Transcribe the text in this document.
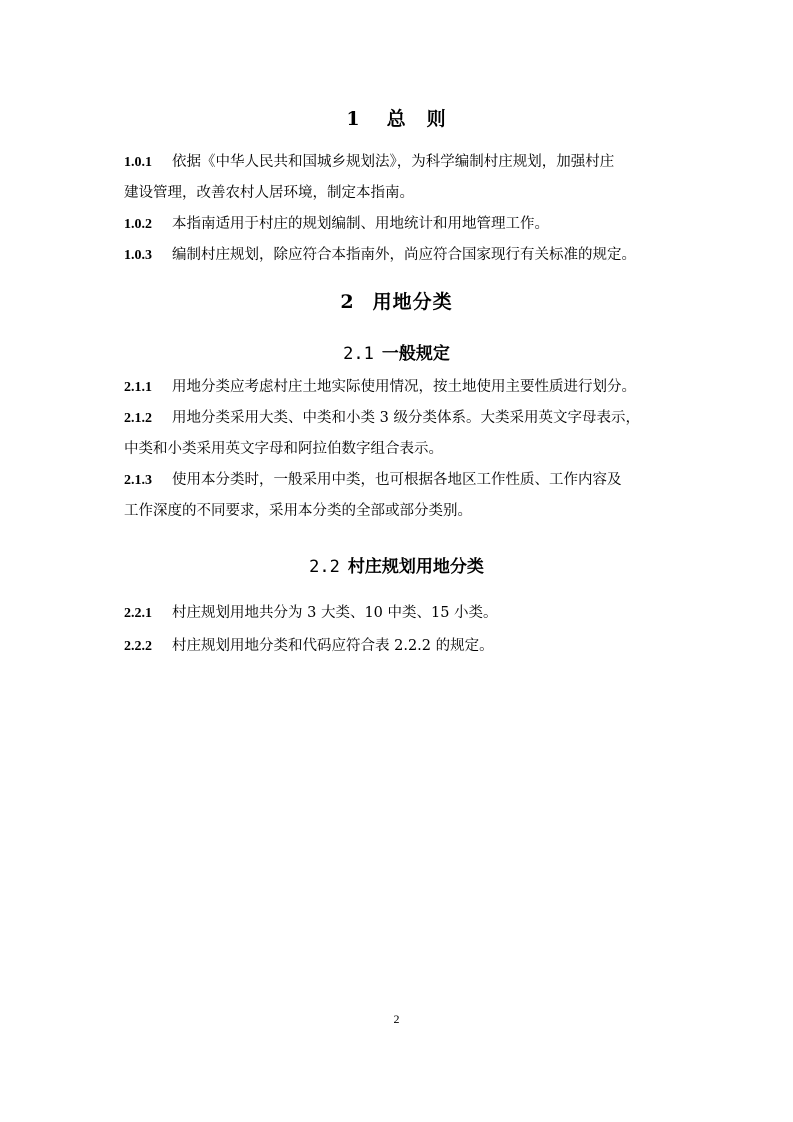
1 总 则
1.0.1 依据《中华人民共和国城乡规划法》，为科学编制村庄规划，加强村庄
建设管理，改善农村人居环境，制定本指南。
1.0.2 本指南适用于村庄的规划编制、用地统计和用地管理工作。
1.0.3 编制村庄规划，除应符合本指南外，尚应符合国家现行有关标准的规定。
2 用地分类
2.1 一般规定
2.1.1 用地分类应考虑村庄土地实际使用情况，按土地使用主要性质进行划分。
2.1.2 用地分类采用大类、中类和小类 3 级分类体系。大类采用英文字母表示，
中类和小类采用英文字母和阿拉伯数字组合表示。
2.1.3 使用本分类时，一般采用中类，也可根据各地区工作性质、工作内容及
工作深度的不同要求，采用本分类的全部或部分类别。
2.2 村庄规划用地分类
2.2.1 村庄规划用地共分为 3 大类、10 中类、15 小类。
2.2.2 村庄规划用地分类和代码应符合表 2.2.2 的规定。
2
